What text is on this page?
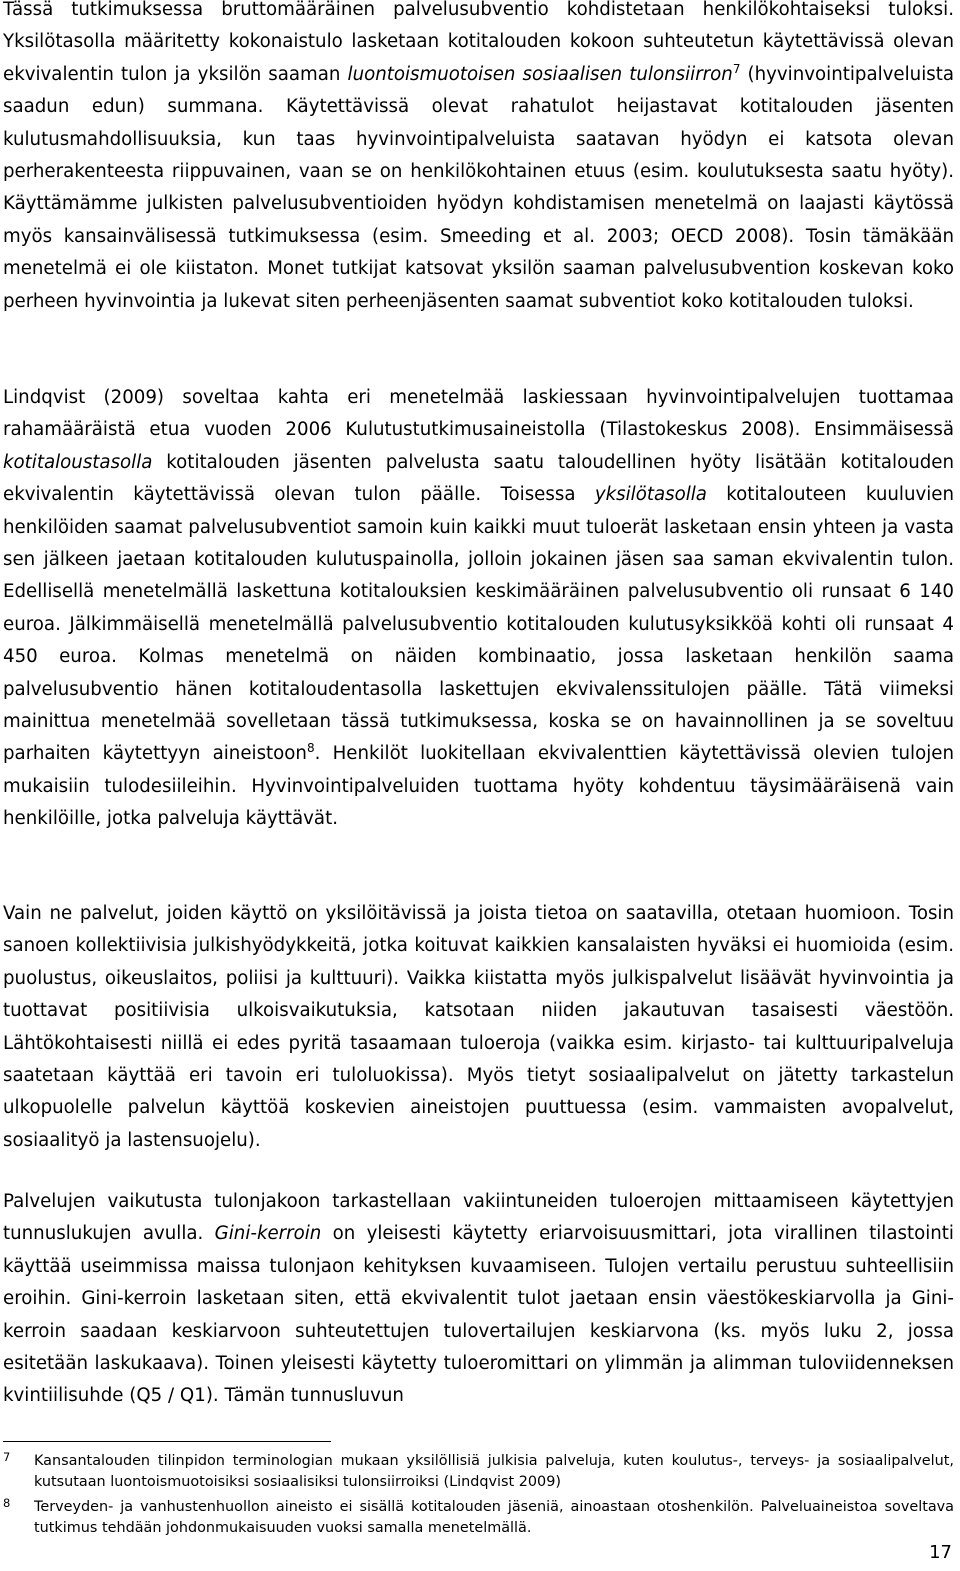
Tässä tutkimuksessa bruttomääräinen palvelusubventio kohdistetaan henkilökohtaiseksi tuloksi. Yksilötasolla määritetty kokonaistulo lasketaan kotitalouden kokoon suhteutetun käytettävissä olevan ekvivalentin tulon ja yksilön saaman luontoismuotoisen sosiaalisen tulonsiirron$^7$ (hyvinvointipalveluista saadun edun) summana. Käytettävissä olevat rahatulot heijastavat kotitalouden jäsenten kulutusmahdollisuuksia, kun taas hyvinvointipalveluista saatavan hyödyn ei katsota olevan perherakenteesta riippuvainen, vaan se on henkilökohtainen etuus (esim. koulutuksesta saatu hyöty). Käyttämämme julkisten palvelusubventioiden hyödyn kohdistamisen menetelmä on laajasti käytössä myös kansainvälisessä tutkimuksessa (esim. Smeeding et al. 2003; OECD 2008). Tosin tämäkään menetelmä ei ole kiistaton. Monet tutkijat katsovat yksilön saaman palvelusubvention koskevan koko perheen hyvinvointia ja lukevat siten perheenjäsenten saamat subventiot koko kotitalouden tuloksi.

Lindqvist (2009) soveltaa kahta eri menetelmää laskiessaan hyvinvointipalvelujen tuottamaa rahamääräistä etua vuoden 2006 Kulutustutkimusaineistolla (Tilastokeskus 2008). Ensimmäisessä kotitaloustasolla kotitalouden jäsenten palvelusta saatu taloudellinen hyöty lisätään kotitalouden ekvivalentin käytettävissä olevan tulon päälle. Toisessa yksilötasolla kotitalouteen kuuluvien henkilöiden saamat palvelusubventiot samoin kuin kaikki muut tuloerät lasketaan ensin yhteen ja vasta sen jälkeen jaetaan kotitalouden kulutuspainolla, jolloin jokainen jäsen saa saman ekvivalentin tulon. Edellisellä menetelmällä laskettuna kotitalouksien keskimääräinen palvelusubventio oli runsaat 6 140 euroa. Jälkimmäisellä menetelmällä palvelusubventio kotitalouden kulutusyksikköä kohti oli runsaat 4 450 euroa. Kolmas menetelmä on näiden kombinaatio, jossa lasketaan henkilön saama palvelusubventio hänen kotitaloudentasolla laskettujen ekvivalenssitulojen päälle. Tätä viimeksi mainittua menetelmää sovelletaan tässä tutkimuksessa, koska se on havainnollinen ja se soveltuu parhaiten käytettyyn aineistoon$^8$. Henkilöt luokitellaan ekvivalenttien käytettävissä olevien tulojen mukaisiin tulodesiileihin. Hyvinvointipalveluiden tuottama hyöty kohdentuu täysimääräisenä vain henkilöille, jotka palveluja käyttävät.

Vain ne palvelut, joiden käyttö on yksilöitävissä ja joista tietoa on saatavilla, otetaan huomioon. Tosin sanoen kollektiivisia julkishyödykkeitä, jotka koituvat kaikkien kansalaisten hyväksi ei huomioida (esim. puolustus, oikeuslaitos, poliisi ja kulttuuri). Vaikka kiistatta myös julkispalvelut lisäävät hyvinvointia ja tuottavat positiivisia ulkoisvaikutuksia, katsotaan niiden jakautuvan tasaisesti väestöön. Lähtökohtaisesti niillä ei edes pyritä tasaamaan tuloeroja (vaikka esim. kirjasto- tai kulttuuripalveluja saatetaan käyttää eri tavoin eri tuloluokissa). Myös tietyt sosiaalipalvelut on jätetty tarkastelun ulkopuolelle palvelun käyttöä koskevien aineistojen puuttuessa (esim. vammaisten avopalvelut, sosiaalityö ja lastensuojelu).

Palvelujen vaikutusta tulonjakoon tarkastellaan vakiintuneiden tuloerojen mittaamiseen käytettyjen tunnuslukujen avulla. Gini-kerroin on yleisesti käytetty eriarvoisuusmittari, jota virallinen tilastointi käyttää useimmissa maissa tulonjaon kehityksen kuvaamiseen. Tulojen vertailu perustuu suhteellisiin eroihin. Gini-kerroin lasketaan siten, että ekvivalentit tulot jaetaan ensin väestökeskiarvolla ja Gini-kerroin saadaan keskiarvoon suhteutettujen tulovertailujen keskiarvona (ks. myös luku 2, jossa esitetään laskukaava). Toinen yleisesti käytetty tuloeromittari on ylimmän ja alimman tuloviidenneksen kvintiilisuhde (Q5 / Q1). Tämän tunnusluvun

7 Kansantalouden tilinpidon terminologian mukaan yksilöllisiä julkisia palveluja, kuten koulutus-, terveys- ja sosiaalipalvelut, kutsutaan luontoismuotoisiksi sosiaalisiksi tulonsiirroiksi (Lindqvist 2009)
8 Terveyden- ja vanhustenhuollon aineisto ei sisällä kotitalouden jäseniä, ainoastaan otoshenkilön. Palveluaineistoa soveltava tutkimus tehdään johdonmukaisuuden vuoksi samalla menetelmällä.
17
